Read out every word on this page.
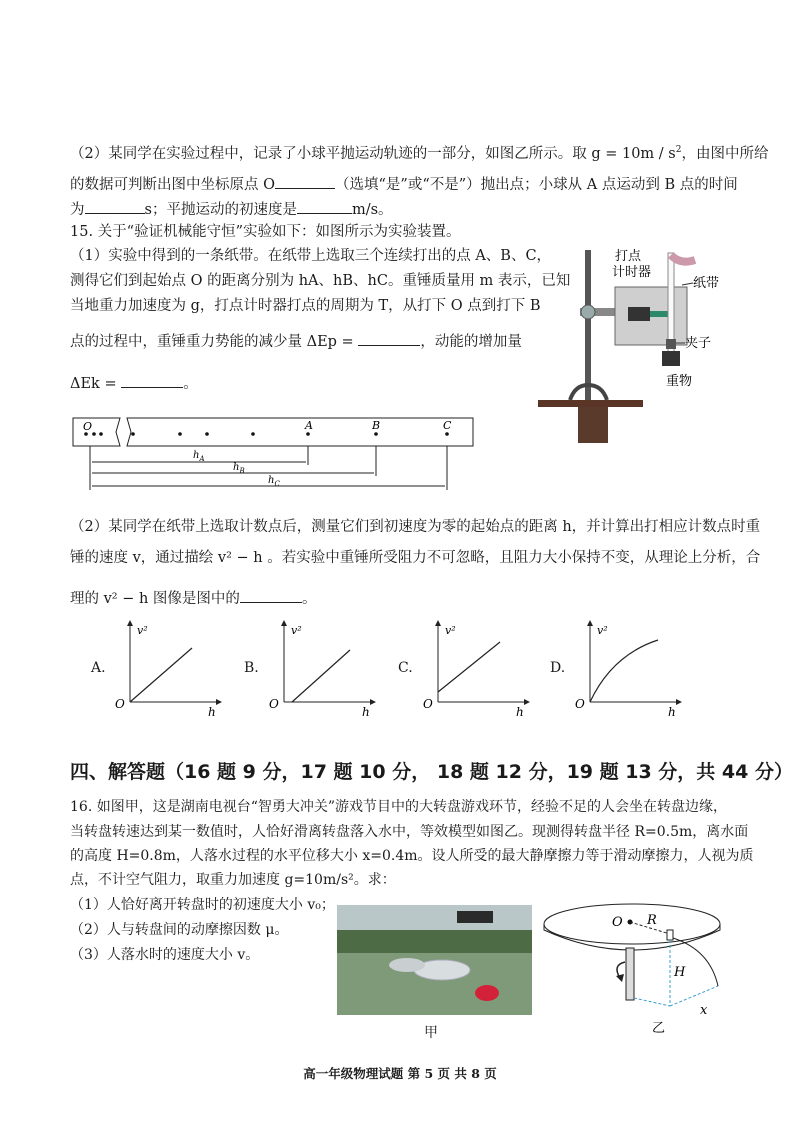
（2）某同学在实验过程中，记录了小球平抛运动轨迹的一部分，如图乙所示。取 $g = 10m / s^2$，由图中所给
的数据可判断出图中坐标原点 O	（选填“是”或“不是”）抛出点；小球从 A 点运动到 B 点的时间
为	s；平抛运动的初速度是	m/s。
15. 关于“验证机械能守恒”实验如下：如图所示为实验装置。
（1）实验中得到的一条纸带。在纸带上选取三个连续打出的点 A、B、C，
测得它们到起始点 O 的距离分别为 hA、hB、hC。重锤质量用 m 表示，已知
当地重力加速度为 g，打点计时器打点的周期为 T，从打下 O 点到打下 B
点的过程中，重锤重力势能的减少量 ΔEp =	，动能的增加量
ΔEk =	。
打点
计时器
纸带
夹子
重物
O	A	B	C
$h_A$
$h_B$
$h_C$
（2）某同学在纸带上选取计数点后，测量它们到初速度为零的起始点的距离 h，并计算出打相应计数点时重
锤的速度 v，通过描绘 v² − h 。若实验中重锤所受阻力不可忽略，且阻力大小保持不变，从理论上分析，合
理的 v² − h 图像是图中的	。
A.
v²
O
h
B.
v²
O
h
C.
v²
O
h
D.
v²
O
h
四、解答题（16 题 9 分，17 题 10 分， 18 题 12 分，19 题 13 分，共 44 分）
16. 如图甲，这是湖南电视台“智勇大冲关”游戏节目中的大转盘游戏环节，经验不足的人会坐在转盘边缘，
当转盘转速达到某一数值时，人恰好滑离转盘落入水中，等效模型如图乙。现测得转盘半径 R=0.5m，离水面
的高度 H=0.8m，人落水过程的水平位移大小 x=0.4m。设人所受的最大静摩擦力等于滑动摩擦力，人视为质
点，不计空气阻力，取重力加速度 g=10m/s²。求：
（1）人恰好离开转盘时的初速度大小 v₀；
（2）人与转盘间的动摩擦因数 μ。
（3）人落水时的速度大小 v。
甲
O R
H
x
乙
高一年级物理试题 第 5 页 共 8 页
